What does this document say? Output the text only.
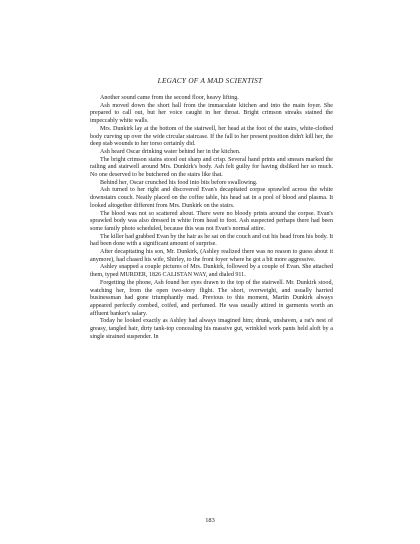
LEGACY OF A MAD SCIENTIST

Another sound came from the second floor, heavy lifting.

Ash moved down the short hall from the immaculate kitchen and into the main foyer. She prepared to call out, but her voice caught in her throat. Bright crimson streaks stained the impeccably white walls.

Mrs. Dunkirk lay at the bottom of the stairwell, her head at the foot of the stairs, white-clothed body curving up over the wide circular staircase. If the fall to her present position didn't kill her, the deep stab wounds to her torso certainly did.

Ash heard Oscar drinking water behind her in the kitchen.

The bright crimson stains stood out sharp and crisp. Several hand prints and smears marked the railing and stairwell around Mrs. Dunkirk's body. Ash felt guilty for having disliked her so much. No one deserved to be butchered on the stairs like that.

Behind her, Oscar crunched his food into bits before swallowing.

Ash turned to her right and discovered Evan's decapitated corpse sprawled across the white downstairs couch. Neatly placed on the coffee table, his head sat in a pool of blood and plasma. It looked altogether different from Mrs. Dunkirk on the stairs.

The blood was not so scattered about. There were no bloody prints around the corpse. Evan's sprawled body was also dressed in white from head to foot. Ash suspected perhaps there had been some family photo scheduled, because this was not Evan's normal attire.

The killer had grabbed Evan by the hair as he sat on the couch and cut his head from his body. It had been done with a significant amount of surprise.

After decapitating his son, Mr. Dunkirk, (Ashley realized there was no reason to guess about it anymore), had chased his wife, Shirley, to the front foyer where he got a bit more aggressive.

Ashley snapped a couple pictures of Mrs. Dunkirk, followed by a couple of Evan. She attached them, typed MURDER, 1826 CALISTAN WAY, and dialed 911.

Forgetting the phone, Ash found her eyes drawn to the top of the stairwell. Mr. Dunkirk stood, watching her, from the open two-story flight. The short, overweight, and usually harried businessman had gone triumphantly mad. Previous to this moment, Martin Dunkirk always appeared perfectly combed, coifed, and perfumed. He was usually attired in garments worth an affluent banker's salary.

Today he looked exactly as Ashley had always imagined him; drunk, unshaven, a rat's nest of greasy, tangled hair, dirty tank-top concealing his massive gut, wrinkled work pants held aloft by a single strained suspender. In

183
